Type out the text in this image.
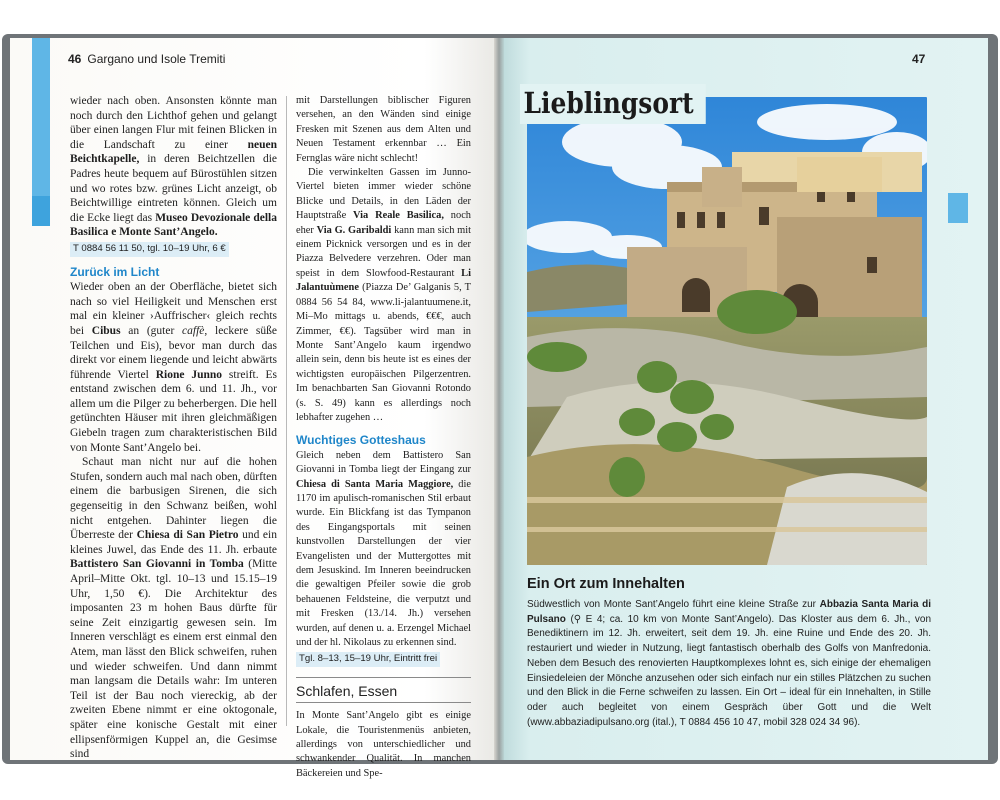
46 Gargano und Isole Tremiti	47

wieder nach oben. Ansonsten könnte man noch durch den Lichthof gehen und gelangt über einen langen Flur mit feinen Blicken in die Landschaft zu einer neuen Beichtkapelle, in deren Beichtzellen die Padres heute bequem auf Bürostühlen sitzen und wo rotes bzw. grünes Licht anzeigt, ob Beichtwillige eintreten können. Gleich um die Ecke liegt das Museo Devozionale della Basilica e Monte Sant’Angelo.

T 0884 56 11 50, tgl. 10–19 Uhr, 6 €
Zurück im Licht

Wieder oben an der Oberfläche, bietet sich nach so viel Heiligkeit und Menschen erst mal ein kleiner ›Auffrischer‹ gleich rechts bei Cibus an (guter caffè, leckere süße Teilchen und Eis), bevor man durch das direkt vor einem liegende und leicht abwärts führende Viertel Rione Junno streift. Es entstand zwischen dem 6. und 11. Jh., vor allem um die Pilger zu beherbergen. Die hell getünchten Häuser mit ihren gleichmäßigen Giebeln tragen zum charakteristischen Bild von Monte Sant’Angelo bei.

Schaut man nicht nur auf die hohen Stufen, sondern auch mal nach oben, dürften einem die barbusigen Sirenen, die sich gegenseitig in den Schwanz beißen, wohl nicht entgehen. Dahinter liegen die Überreste der Chiesa di San Pietro und ein kleines Juwel, das Ende des 11. Jh. erbaute Battistero San Giovanni in Tomba (Mitte April–Mitte Okt. tgl. 10–13 und 15.15–19 Uhr, 1,50 €). Die Architektur des imposanten 23 m hohen Baus dürfte für seine Zeit einzigartig gewesen sein. Im Inneren verschlägt es einem erst einmal den Atem, man lässt den Blick schweifen, ruhen und wieder schweifen. Und dann nimmt man langsam die Details wahr: Im unteren Teil ist der Bau noch viereckig, ab der zweiten Ebene nimmt er eine oktogonale, später eine konische Gestalt mit einer ellipsenförmigen Kuppel an, die Gesimse sind

mit Darstellungen biblischer Figuren versehen, an den Wänden sind einige Fresken mit Szenen aus dem Alten und Neuen Testament erkennbar … Ein Fernglas wäre nicht schlecht!

Die verwinkelten Gassen im Junno-Viertel bieten immer wieder schöne Blicke und Details, in den Läden der Hauptstraße Via Reale Basilica, noch eher Via G. Garibaldi kann man sich mit einem Picknick versorgen und es in der Piazza Belvedere verzehren. Oder man speist in dem Slowfood-Restaurant Li Jalantuùmene (Piazza De’ Galganis 5, T 0884 56 54 84, www.li-jalantuumene.it, Mi–Mo mittags u. abends, €€€, auch Zimmer, €€). Tagsüber wird man in Monte Sant’Angelo kaum irgendwo allein sein, denn bis heute ist es eines der wichtigsten europäischen Pilgerzentren. Im benachbarten San Giovanni Rotondo (s. S. 49) kann es allerdings noch lebhafter zugehen …

Wuchtiges Gotteshaus

Gleich neben dem Battistero San Giovanni in Tomba liegt der Eingang zur Chiesa di Santa Maria Maggiore, die 1170 im apulisch-romanischen Stil erbaut wurde. Ein Blickfang ist das Tympanon des Eingangsportals mit seinen kunstvollen Darstellungen der vier Evangelisten und der Muttergottes mit dem Jesuskind. Im Inneren beeindrucken die gewaltigen Pfeiler sowie die grob behauenen Feldsteine, die verputzt und mit Fresken (13./14. Jh.) versehen wurden, auf denen u. a. Erzengel Michael und der hl. Nikolaus zu erkennen sind.

Tgl. 8–13, 15–19 Uhr, Eintritt frei
Schlafen, Essen

In Monte Sant’Angelo gibt es einige Lokale, die Touristenmenüs anbieten, allerdings von unterschiedlicher und schwankender Qualität. In manchen Bäckereien und Spe-

Lieblingsort
Ein Ort zum Innehalten

Südwestlich von Monte Sant’Angelo führt eine kleine Straße zur Abbazia Santa Maria di Pulsano (⚲ E 4; ca. 10 km von Monte Sant’Angelo). Das Kloster aus dem 6. Jh., von Benediktinern im 12. Jh. erweitert, seit dem 19. Jh. eine Ruine und Ende des 20. Jh. restauriert und wieder in Nutzung, liegt fantastisch oberhalb des Golfs von Manfredonia. Neben dem Besuch des renovierten Hauptkomplexes lohnt es, sich einige der ehemaligen Einsiedeleien der Mönche anzusehen oder sich einfach nur ein stilles Plätzchen zu suchen und den Blick in die Ferne schweifen zu lassen. Ein Ort – ideal für ein Innehalten, in Stille oder auch begleitet von einem Gespräch über Gott und die Welt (www.abbaziadipulsano.org (ital.), T 0884 456 10 47, mobil 328 024 34 96).
